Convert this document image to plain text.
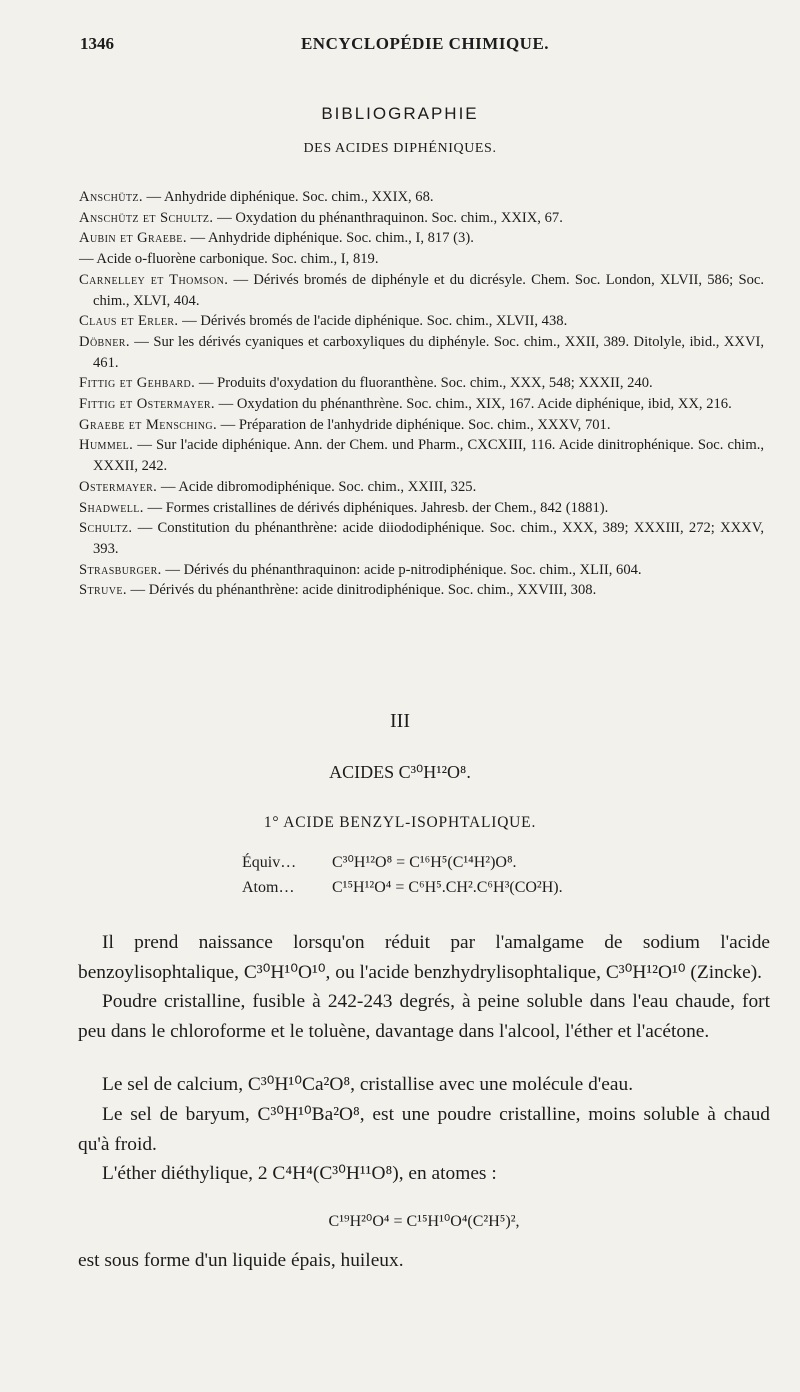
1346	ENCYCLOPÉDIE CHIMIQUE.
BIBLIOGRAPHIE
DES ACIDES DIPHÉNIQUES.
Anschütz. — Anhydride diphénique. Soc. chim., XXIX, 68.
Anschütz et Schultz. — Oxydation du phénanthraquinon. Soc. chim., XXIX, 67.
Aubin et Graebe. — Anhydride diphénique. Soc. chim., I, 817 (3).
— Acide o-fluorène carbonique. Soc. chim., I, 819.
Carnelley et Thomson. — Dérivés bromés de diphényle et du dicrésyle. Chem. Soc. London, XLVII, 586; Soc. chim., XLVI, 404.
Claus et Erler. — Dérivés bromés de l'acide diphénique. Soc. chim., XLVII, 438.
Döbner. — Sur les dérivés cyaniques et carboxyliques du diphényle. Soc. chim., XXII, 389. Ditolyle, ibid., XXVI, 461.
Fittig et Gehbard. — Produits d'oxydation du fluoranthène. Soc. chim., XXX, 548; XXXII, 240.
Fittig et Ostermayer. — Oxydation du phénanthrène. Soc. chim., XIX, 167. Acide diphénique, ibid, XX, 216.
Graebe et Mensching. — Préparation de l'anhydride diphénique. Soc. chim., XXXV, 701.
Hummel. — Sur l'acide diphénique. Ann. der Chem. und Pharm., CXCXIII, 116. Acide dinitrophénique. Soc. chim., XXXII, 242.
Ostermayer. — Acide dibromodiphénique. Soc. chim., XXIII, 325.
Shadwell. — Formes cristallines de dérivés diphéniques. Jahresb. der Chem., 842 (1881).
Schultz. — Constitution du phénanthrène: acide diiododiphénique. Soc. chim., XXX, 389; XXXIII, 272; XXXV, 393.
Strasburger. — Dérivés du phénanthraquinon: acide p-nitrodiphénique. Soc. chim., XLII, 604.
Struve. — Dérivés du phénanthrène: acide dinitrodiphénique. Soc. chim., XXVIII, 308.
III
ACIDES C³⁰H¹²O⁸.
1° ACIDE BENZYL-ISOPHTALIQUE.
Équiv… C³⁰H¹²O⁸ = C¹⁶H⁵(C¹⁴H²)O⁸.
Atom… C¹⁵H¹²O⁴ = C⁶H⁵.CH².C⁶H³(CO²H).

Il prend naissance lorsqu'on réduit par l'amalgame de sodium l'acide benzoylisophtalique, C³⁰H¹⁰O¹⁰, ou l'acide benzhydrylisophtalique, C³⁰H¹²O¹⁰ (Zincke).

Poudre cristalline, fusible à 242-243 degrés, à peine soluble dans l'eau chaude, fort peu dans le chloroforme et le toluène, davantage dans l'alcool, l'éther et l'acétone.

Le sel de calcium, C³⁰H¹⁰Ca²O⁸, cristallise avec une molécule d'eau.

Le sel de baryum, C³⁰H¹⁰Ba²O⁸, est une poudre cristalline, moins soluble à chaud qu'à froid.

L'éther diéthylique, 2 C⁴H⁴(C³⁰H¹¹O⁸), en atomes :

C¹⁹H²⁰O⁴ = C¹⁵H¹⁰O⁴(C²H⁵)²,

est sous forme d'un liquide épais, huileux.
